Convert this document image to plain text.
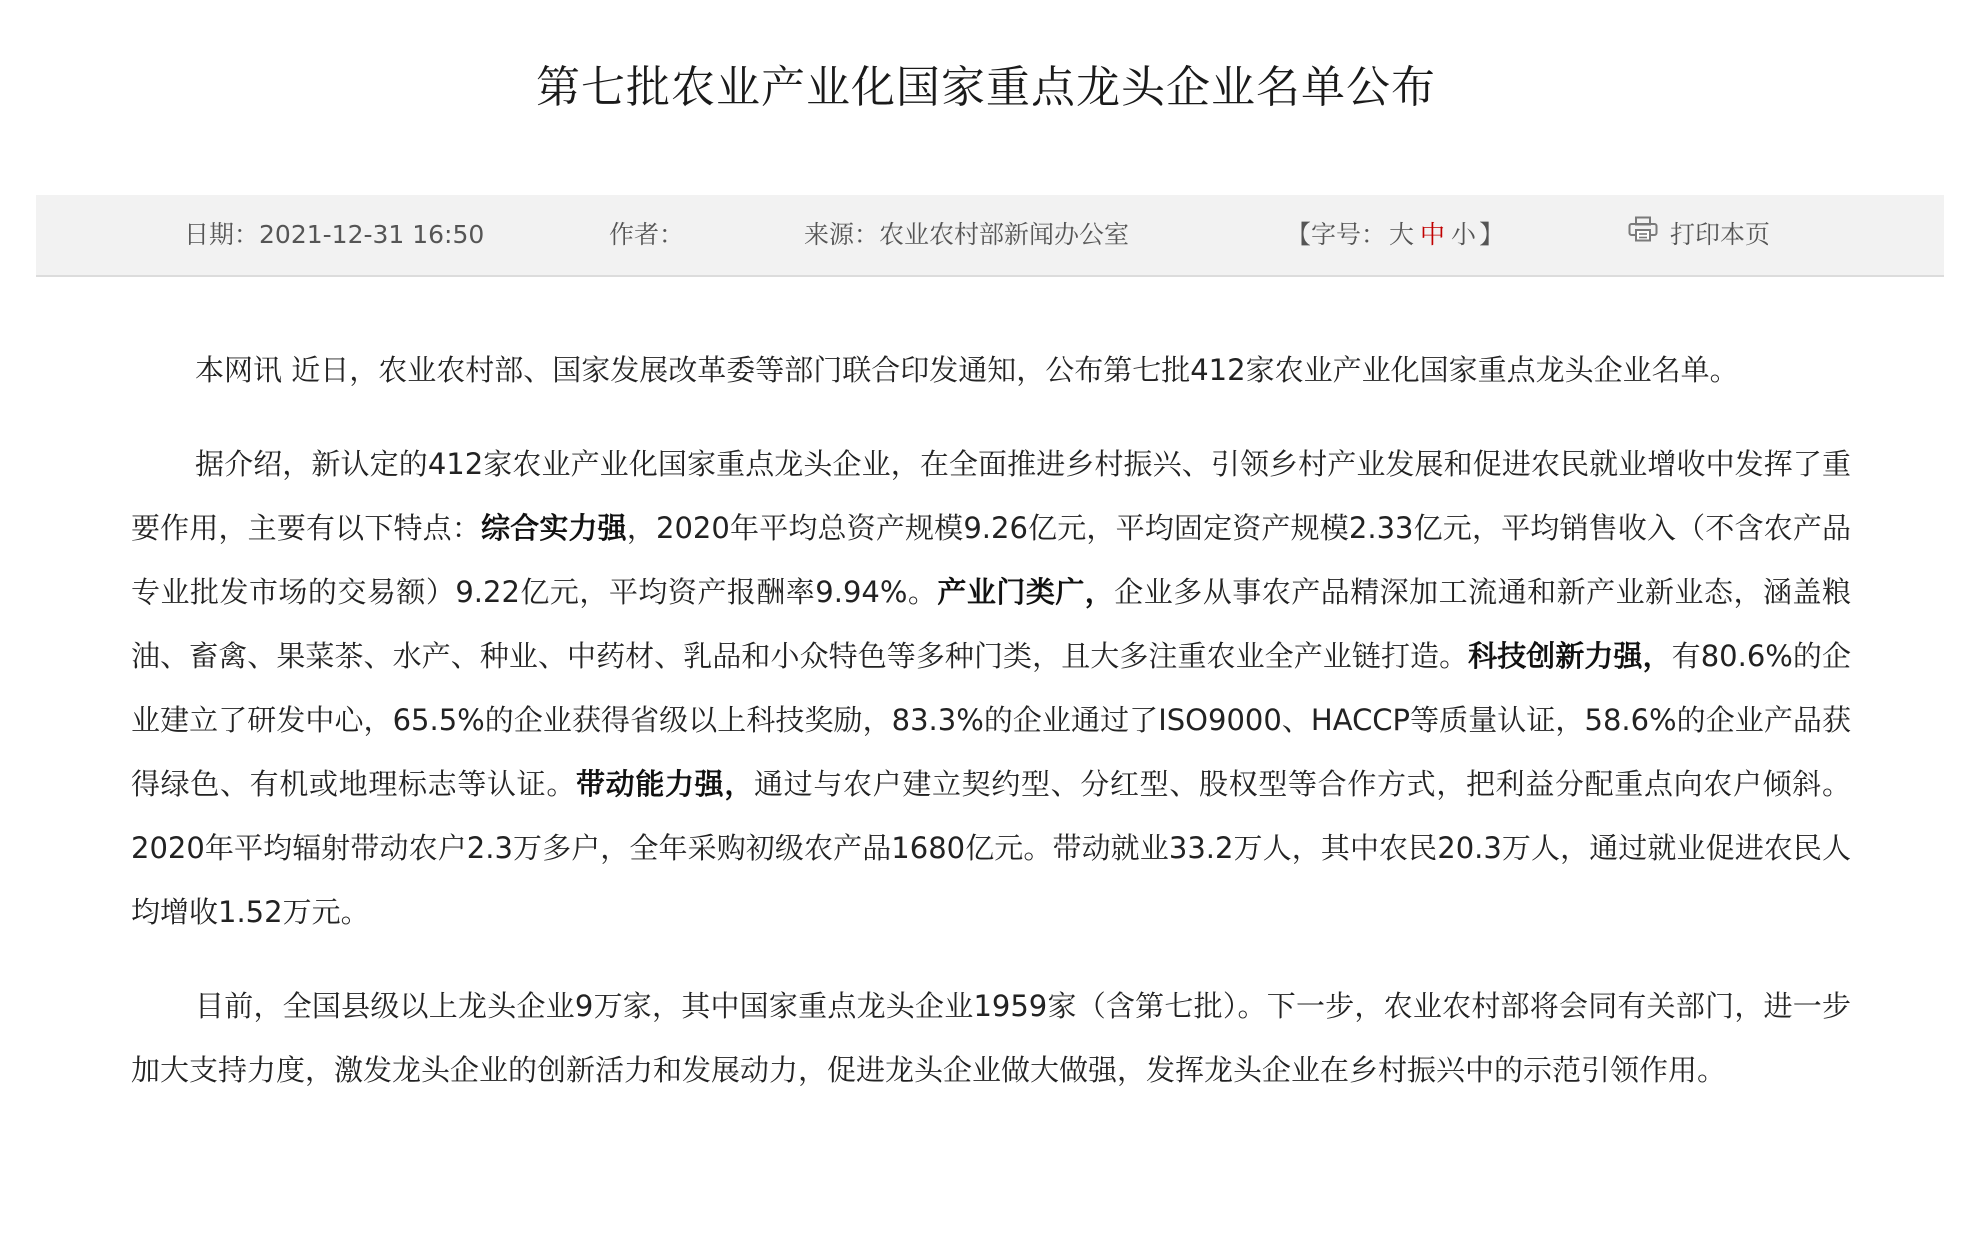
第七批农业产业化国家重点龙头企业名单公布
日期：2021-12-31 16:50	作者：	来源：农业农村部新闻办公室	【字号： 大 中 小 】	打印本页

本网讯 近日，农业农村部、国家发展改革委等部门联合印发通知，公布第七批412家农业产业化国家重点龙头企业名单。

据介绍，新认定的412家农业产业化国家重点龙头企业，在全面推进乡村振兴、引领乡村产业发展和促进农民就业增收中发挥了重要作用，主要有以下特点：综合实力强，2020年平均总资产规模9.26亿元，平均固定资产规模2.33亿元，平均销售收入（不含农产品专业批发市场的交易额）9.22亿元，平均资产报酬率9.94%。产业门类广，企业多从事农产品精深加工流通和新产业新业态，涵盖粮油、畜禽、果菜茶、水产、种业、中药材、乳品和小众特色等多种门类，且大多注重农业全产业链打造。科技创新力强，有80.6%的企业建立了研发中心，65.5%的企业获得省级以上科技奖励，83.3%的企业通过了ISO9000、HACCP等质量认证，58.6%的企业产品获得绿色、有机或地理标志等认证。带动能力强，通过与农户建立契约型、分红型、股权型等合作方式，把利益分配重点向农户倾斜。2020年平均辐射带动农户2.3万多户，全年采购初级农产品1680亿元。带动就业33.2万人，其中农民20.3万人，通过就业促进农民人均增收1.52万元。

目前，全国县级以上龙头企业9万家，其中国家重点龙头企业1959家（含第七批）。下一步，农业农村部将会同有关部门，进一步加大支持力度，激发龙头企业的创新活力和发展动力，促进龙头企业做大做强，发挥龙头企业在乡村振兴中的示范引领作用。
